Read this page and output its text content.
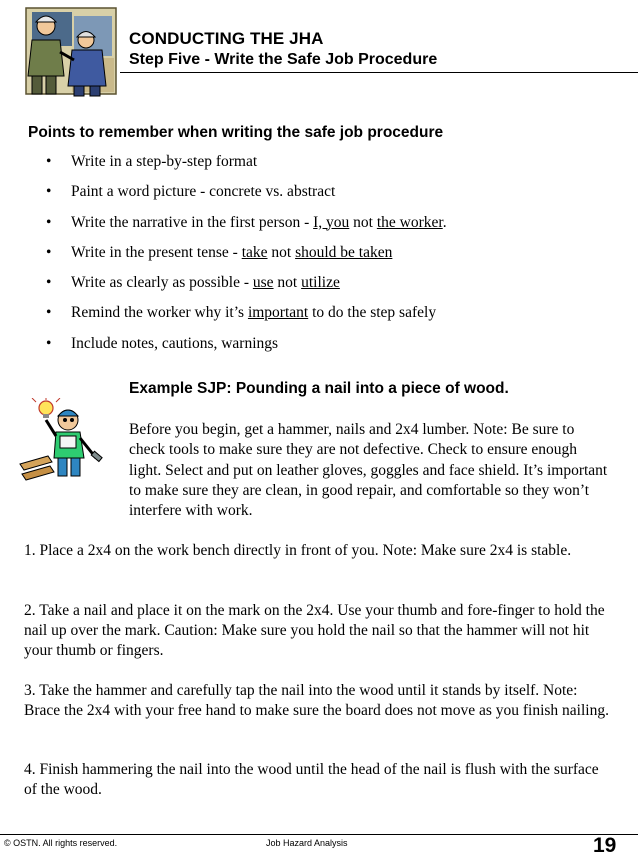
CONDUCTING THE JHA
Step Five - Write the Safe Job Procedure
Points to remember when writing the safe job procedure
• Write in a step-by-step format
• Paint a word picture - concrete vs. abstract
• Write the narrative in the first person - I, you not the worker.
• Write in the present tense - take not should be taken
• Write as clearly as possible - use not utilize
• Remind the worker why it’s important to do the step safely
• Include notes, cautions, warnings
Example SJP: Pounding a nail into a piece of wood.
Before you begin, get a hammer, nails and 2x4 lumber. Note: Be sure to check tools to make sure they are not defective. Check to ensure enough light. Select and put on leather gloves, goggles and face shield. It’s important to make sure they are clean, in good repair, and comfortable so they won’t interfere with work.
1. Place a 2x4 on the work bench directly in front of you. Note: Make sure 2x4 is stable.
2. Take a nail and place it on the mark on the 2x4. Use your thumb and fore-finger to hold the nail up over the mark. Caution: Make sure you hold the nail so that the hammer will not hit your thumb or fingers.
3. Take the hammer and carefully tap the nail into the wood until it stands by itself. Note: Brace the 2x4 with your free hand to make sure the board does not move as you finish nailing.
4. Finish hammering the nail into the wood until the head of the nail is flush with the surface of the wood.
© OSTN. All rights reserved.	Job Hazard Analysis	19
